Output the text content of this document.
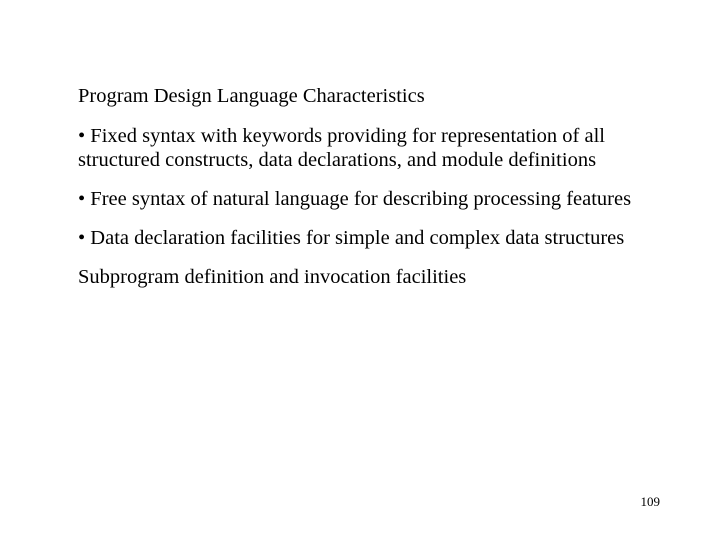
Program Design Language Characteristics
• Fixed syntax with keywords providing for representation of all structured constructs, data declarations, and module definitions
• Free syntax of natural language for describing processing features
• Data declaration facilities for simple and complex data structures
Subprogram definition and invocation facilities
109
